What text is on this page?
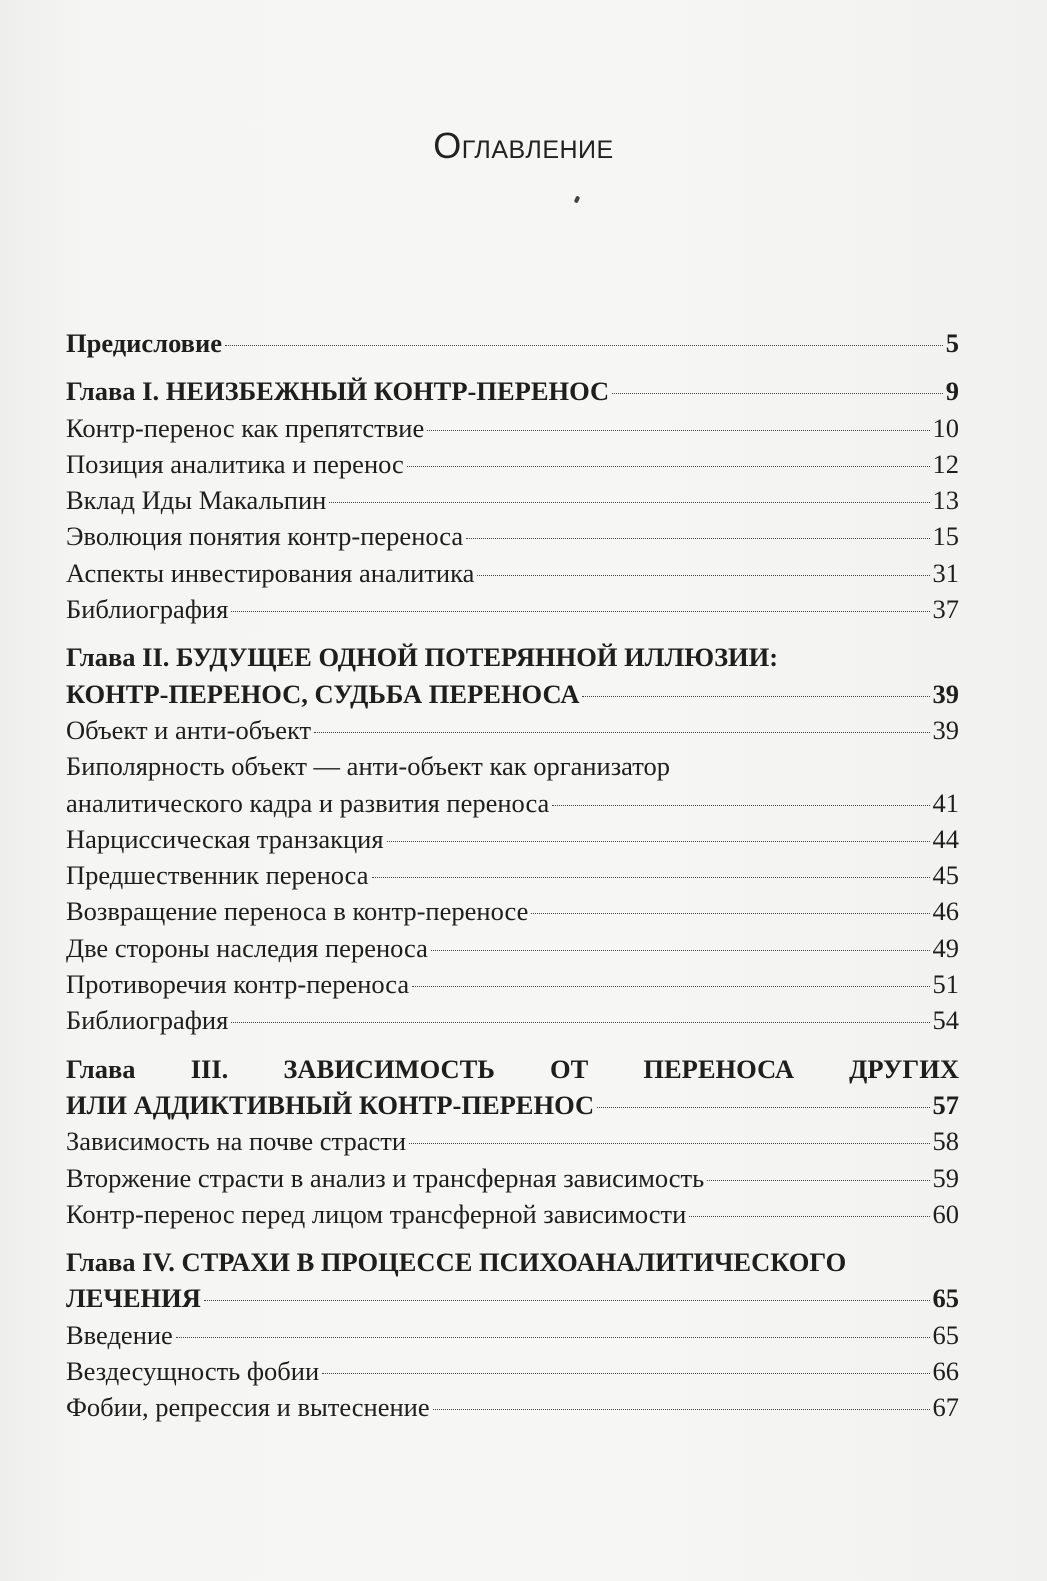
Оглавление
Предисловие	5
Глава I. НЕИЗБЕЖНЫЙ КОНТР-ПЕРЕНОС	9
Контр-перенос как препятствие	10
Позиция аналитика и перенос	12
Вклад Иды Макальпин	13
Эволюция понятия контр-переноса	15
Аспекты инвестирования аналитика	31
Библиография	37
Глава II. БУДУЩЕЕ ОДНОЙ ПОТЕРЯННОЙ ИЛЛЮЗИИ:
КОНТР-ПЕРЕНОС, СУДЬБА ПЕРЕНОСА	39
Объект и анти-объект	39
Биполярность объект — анти-объект как организатор
аналитического кадра и развития переноса	41
Нарциссическая транзакция	44
Предшественник переноса	45
Возвращение переноса в контр-переносе	46
Две стороны наследия переноса	49
Противоречия контр-переноса	51
Библиография	54
Глава III. ЗАВИСИМОСТЬ ОТ ПЕРЕНОСА ДРУГИХ
ИЛИ АДДИКТИВНЫЙ КОНТР-ПЕРЕНОС	57
Зависимость на почве страсти	58
Вторжение страсти в анализ и трансферная зависимость	59
Контр-перенос перед лицом трансферной зависимости	60
Глава IV. СТРАХИ В ПРОЦЕССЕ ПСИХОАНАЛИТИЧЕСКОГО
ЛЕЧЕНИЯ	65
Введение	65
Вездесущность фобии	66
Фобии, репрессия и вытеснение	67
